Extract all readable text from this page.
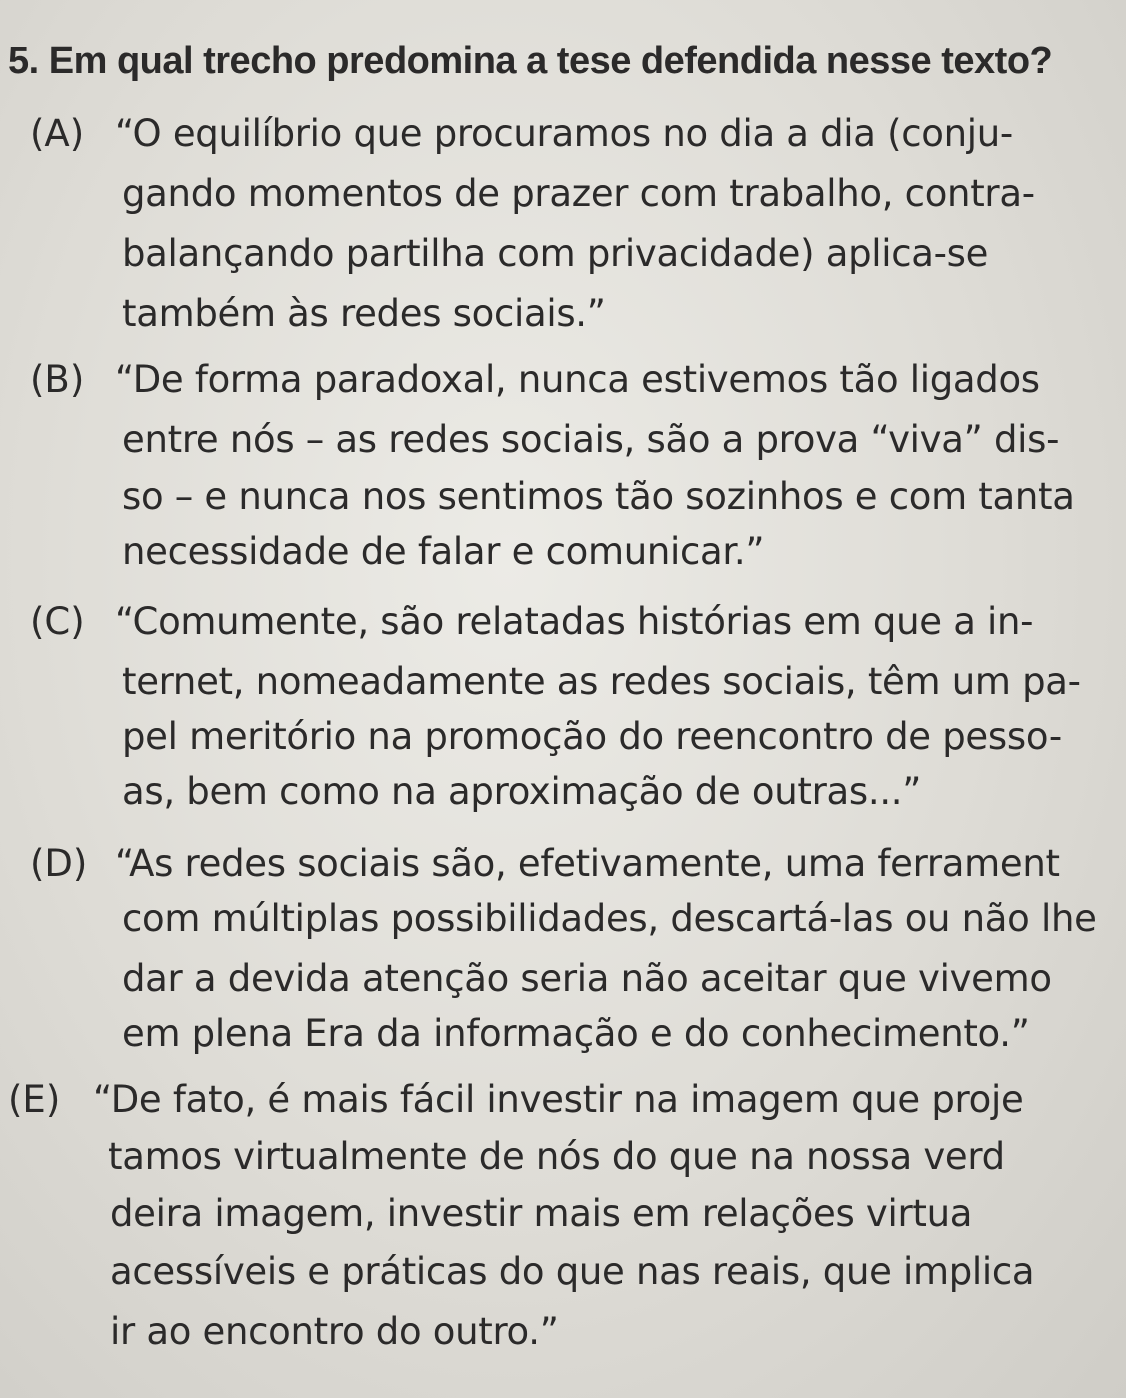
5. Em qual trecho predomina a tese defendida nesse texto?
(A) “O equilíbrio que procuramos no dia a dia (conju-
gando momentos de prazer com trabalho, contra-
balançando partilha com privacidade) aplica-se
também às redes sociais.”
(B) “De forma paradoxal, nunca estivemos tão ligados
entre nós – as redes sociais, são a prova “viva” dis-
so – e nunca nos sentimos tão sozinhos e com tanta
necessidade de falar e comunicar.”
(C) “Comumente, são relatadas histórias em que a in-
ternet, nomeadamente as redes sociais, têm um pa-
pel meritório na promoção do reencontro de pesso-
as, bem como na aproximação de outras...”
(D) “As redes sociais são, efetivamente, uma ferrament
com múltiplas possibilidades, descartá-las ou não lhe
dar a devida atenção seria não aceitar que vivemo
em plena Era da informação e do conhecimento.”
(E) “De fato, é mais fácil investir na imagem que proje
tamos virtualmente de nós do que na nossa verd
deira imagem, investir mais em relações virtua
acessíveis e práticas do que nas reais, que implica
ir ao encontro do outro.”
